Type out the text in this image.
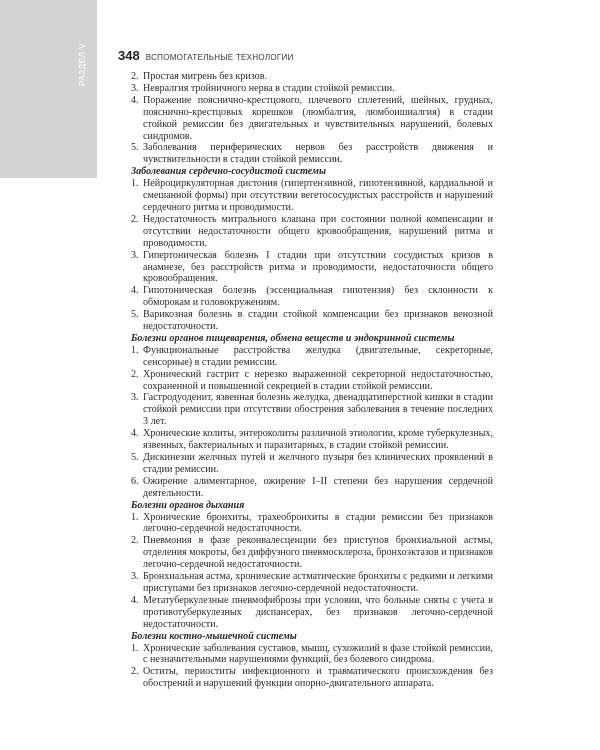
РАЗДЕЛ V 348 ВСПОМОГАТЕЛЬНЫЕ ТЕХНОЛОГИИ
2. Простая мигрень без кризов.
3. Невралгия тройничного нерва в стадии стойкой ремиссии.
4. Поражение пояснично-крестцового, плечевого сплетений, шейных, грудных, пояснично-крестцовых корешков (люмбалгия, люмбоишиалгия) в стадии стойкой ремиссии без двигательных и чувствительных нарушений, болевых синдромов.
5. Заболевания периферических нервов без расстройств движения и чувствительности в стадии стойкой ремиссии.
Заболевания сердечно-сосудистой системы
1. Нейроциркуляторная дистония (гипертензивной, гипотензивной, кардиальной и смешанной формы) при отсутствии вегетососудистых расстройств и нарушений сердечного ритма и проводимости.
2. Недостаточность митрального клапана при состоянии полной компенсации и отсутствии недостаточности общего кровообращения, нарушений ритма и проводимости.
3. Гипертоническая болезнь I стадии при отсутствии сосудистых кризов в анамнезе, без расстройств ритма и проводимости, недостаточности общего кровообращения.
4. Гипотоническая болезнь (эссенциальная гипотензия) без склонности к обморокам и головокружениям.
5. Варикозная болезнь в стадии стойкой компенсации без признаков венозной недостаточности.
Болезни органов пищеварения, обмена веществ и эндокринной системы
1. Функциональные расстройства желудка (двигательные, секреторные, сенсорные) в стадии ремиссии.
2. Хронический гастрит с нерезко выраженной секреторной недостаточностью, сохраненной и повышенной секрецией в стадии стойкой ремиссии.
3. Гастродуоденит, язвенная болезнь желудка, двенадцатиперстной кишки в стадии стойкой ремиссии при отсутствии обострения заболевания в течение последних 3 лет.
4. Хронические колиты, энтероколиты различной этиологии, кроме туберкулезных, язвенных, бактериальных и паразитарных, в стадии стойкой ремиссии.
5. Дискинезии желчных путей и желчного пузыря без клинических проявлений в стадии ремиссии.
6. Ожирение алиментарное, ожирение I–II степени без нарушения сердечной деятельности.
Болезни органов дыхания
1. Хронические бронхиты, трахеобронхиты в стадии ремиссии без признаков легочно-сердечной недостаточности.
2. Пневмония в фазе реконвалесценции без приступов бронхиальной астмы, отделения мокроты, без диффузного пневмосклероза, бронхоэктазов и признаков легочно-сердечной недостаточности.
3. Бронхиальная астма, хронические астматические бронхиты с редкими и легкими приступами без признаков легочно-сердечной недостаточности.
4. Метатуберкулезные пневмофиброзы при условии, что больные сняты с учета в противотуберкулезных диспансерах, без признаков легочно-сердечной недостаточности.
Болезни костно-мышечной системы
1. Хронические заболевания суставов, мышц, сухожилий в фазе стойкой ремиссии, с незначительными нарушениями функций, без болевого синдрома.
2. Оститы, периоститы инфекционного и травматического происхождения без обострений и нарушений функции опорно-двигательного аппарата.
